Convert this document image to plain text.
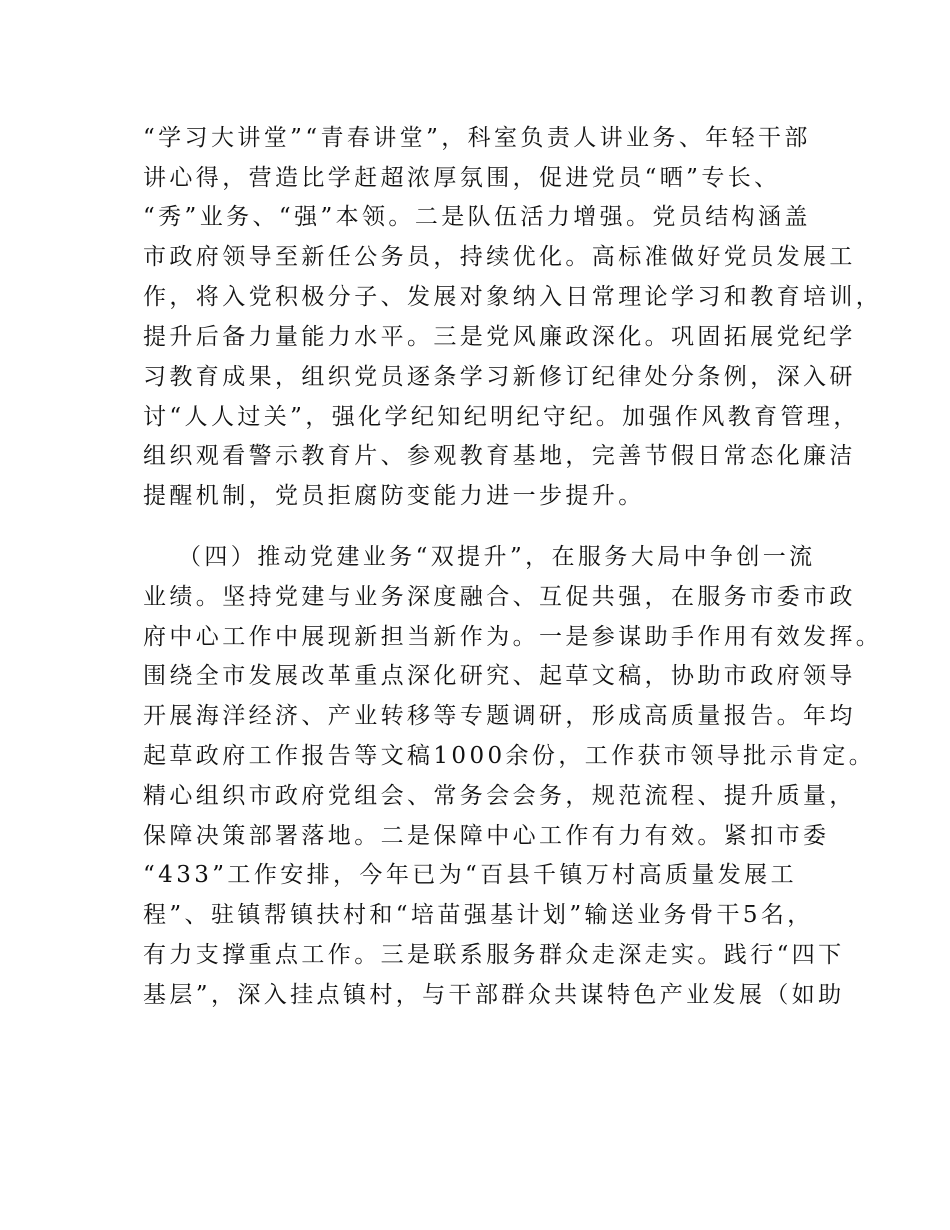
“学习大讲堂”“青春讲堂”，科室负责人讲业务、年轻干部
讲心得，营造比学赶超浓厚氛围，促进党员“晒”专长、
“秀”业务、“强”本领。二是队伍活力增强。党员结构涵盖
市政府领导至新任公务员，持续优化。高标准做好党员发展工
作，将入党积极分子、发展对象纳入日常理论学习和教育培训，
提升后备力量能力水平。三是党风廉政深化。巩固拓展党纪学
习教育成果，组织党员逐条学习新修订纪律处分条例，深入研
讨“人人过关”，强化学纪知纪明纪守纪。加强作风教育管理，
组织观看警示教育片、参观教育基地，完善节假日常态化廉洁
提醒机制，党员拒腐防变能力进一步提升。
（四）推动党建业务“双提升”，在服务大局中争创一流
业绩。坚持党建与业务深度融合、互促共强，在服务市委市政
府中心工作中展现新担当新作为。一是参谋助手作用有效发挥。
围绕全市发展改革重点深化研究、起草文稿，协助市政府领导
开展海洋经济、产业转移等专题调研，形成高质量报告。年均
起草政府工作报告等文稿1000余份，工作获市领导批示肯定。
精心组织市政府党组会、常务会会务，规范流程、提升质量，
保障决策部署落地。二是保障中心工作有力有效。紧扣市委
“433”工作安排，今年已为“百县千镇万村高质量发展工
程”、驻镇帮镇扶村和“培苗强基计划”输送业务骨干5名，
有力支撑重点工作。三是联系服务群众走深走实。践行“四下
基层”，深入挂点镇村，与干部群众共谋特色产业发展（如助
